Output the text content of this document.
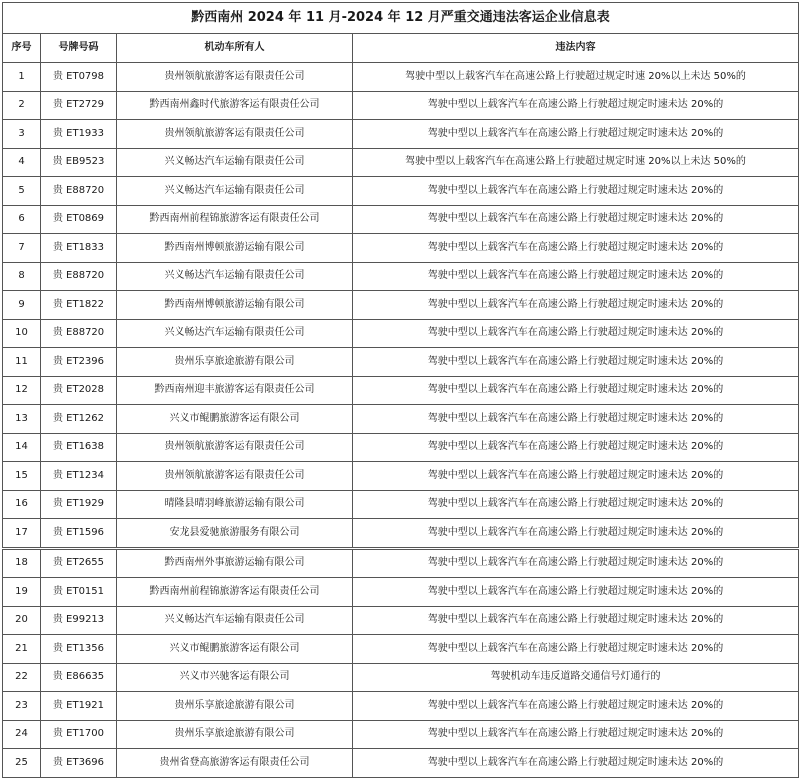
黔西南州 2024 年 11 月-2024 年 12 月严重交通违法客运企业信息表			
序号	号牌号码	机动车所有人	违法内容
1	贵 ET0798	贵州领航旅游客运有限责任公司	驾驶中型以上载客汽车在高速公路上行驶超过规定时速 20%以上未达 50%的
2	贵 ET2729	黔西南州鑫时代旅游客运有限责任公司	驾驶中型以上载客汽车在高速公路上行驶超过规定时速未达 20%的
3	贵 ET1933	贵州领航旅游客运有限责任公司	驾驶中型以上载客汽车在高速公路上行驶超过规定时速未达 20%的
4	贵 EB9523	兴义畅达汽车运输有限责任公司	驾驶中型以上载客汽车在高速公路上行驶超过规定时速 20%以上未达 50%的
5	贵 E88720	兴义畅达汽车运输有限责任公司	驾驶中型以上载客汽车在高速公路上行驶超过规定时速未达 20%的
6	贵 ET0869	黔西南州前程锦旅游客运有限责任公司	驾驶中型以上载客汽车在高速公路上行驶超过规定时速未达 20%的
7	贵 ET1833	黔西南州博顿旅游运输有限公司	驾驶中型以上载客汽车在高速公路上行驶超过规定时速未达 20%的
8	贵 E88720	兴义畅达汽车运输有限责任公司	驾驶中型以上载客汽车在高速公路上行驶超过规定时速未达 20%的
9	贵 ET1822	黔西南州博顿旅游运输有限公司	驾驶中型以上载客汽车在高速公路上行驶超过规定时速未达 20%的
10	贵 E88720	兴义畅达汽车运输有限责任公司	驾驶中型以上载客汽车在高速公路上行驶超过规定时速未达 20%的
11	贵 ET2396	贵州乐享旅途旅游有限公司	驾驶中型以上载客汽车在高速公路上行驶超过规定时速未达 20%的
12	贵 ET2028	黔西南州迎丰旅游客运有限责任公司	驾驶中型以上载客汽车在高速公路上行驶超过规定时速未达 20%的
13	贵 ET1262	兴义市鲲鹏旅游客运有限公司	驾驶中型以上载客汽车在高速公路上行驶超过规定时速未达 20%的
14	贵 ET1638	贵州领航旅游客运有限责任公司	驾驶中型以上载客汽车在高速公路上行驶超过规定时速未达 20%的
15	贵 ET1234	贵州领航旅游客运有限责任公司	驾驶中型以上载客汽车在高速公路上行驶超过规定时速未达 20%的
16	贵 ET1929	晴隆县晴羽峰旅游运输有限公司	驾驶中型以上载客汽车在高速公路上行驶超过规定时速未达 20%的
17	贵 ET1596	安龙县爱驰旅游服务有限公司	驾驶中型以上载客汽车在高速公路上行驶超过规定时速未达 20%的
18	贵 ET2655	黔西南州外事旅游运输有限公司	驾驶中型以上载客汽车在高速公路上行驶超过规定时速未达 20%的
19	贵 ET0151	黔西南州前程锦旅游客运有限责任公司	驾驶中型以上载客汽车在高速公路上行驶超过规定时速未达 20%的
20	贵 E99213	兴义畅达汽车运输有限责任公司	驾驶中型以上载客汽车在高速公路上行驶超过规定时速未达 20%的
21	贵 ET1356	兴义市鲲鹏旅游客运有限公司	驾驶中型以上载客汽车在高速公路上行驶超过规定时速未达 20%的
22	贵 E86635	兴义市兴驰客运有限公司	驾驶机动车违反道路交通信号灯通行的
23	贵 ET1921	贵州乐享旅途旅游有限公司	驾驶中型以上载客汽车在高速公路上行驶超过规定时速未达 20%的
24	贵 ET1700	贵州乐享旅途旅游有限公司	驾驶中型以上载客汽车在高速公路上行驶超过规定时速未达 20%的
25	贵 ET3696	贵州省登高旅游客运有限责任公司	驾驶中型以上载客汽车在高速公路上行驶超过规定时速未达 20%的
